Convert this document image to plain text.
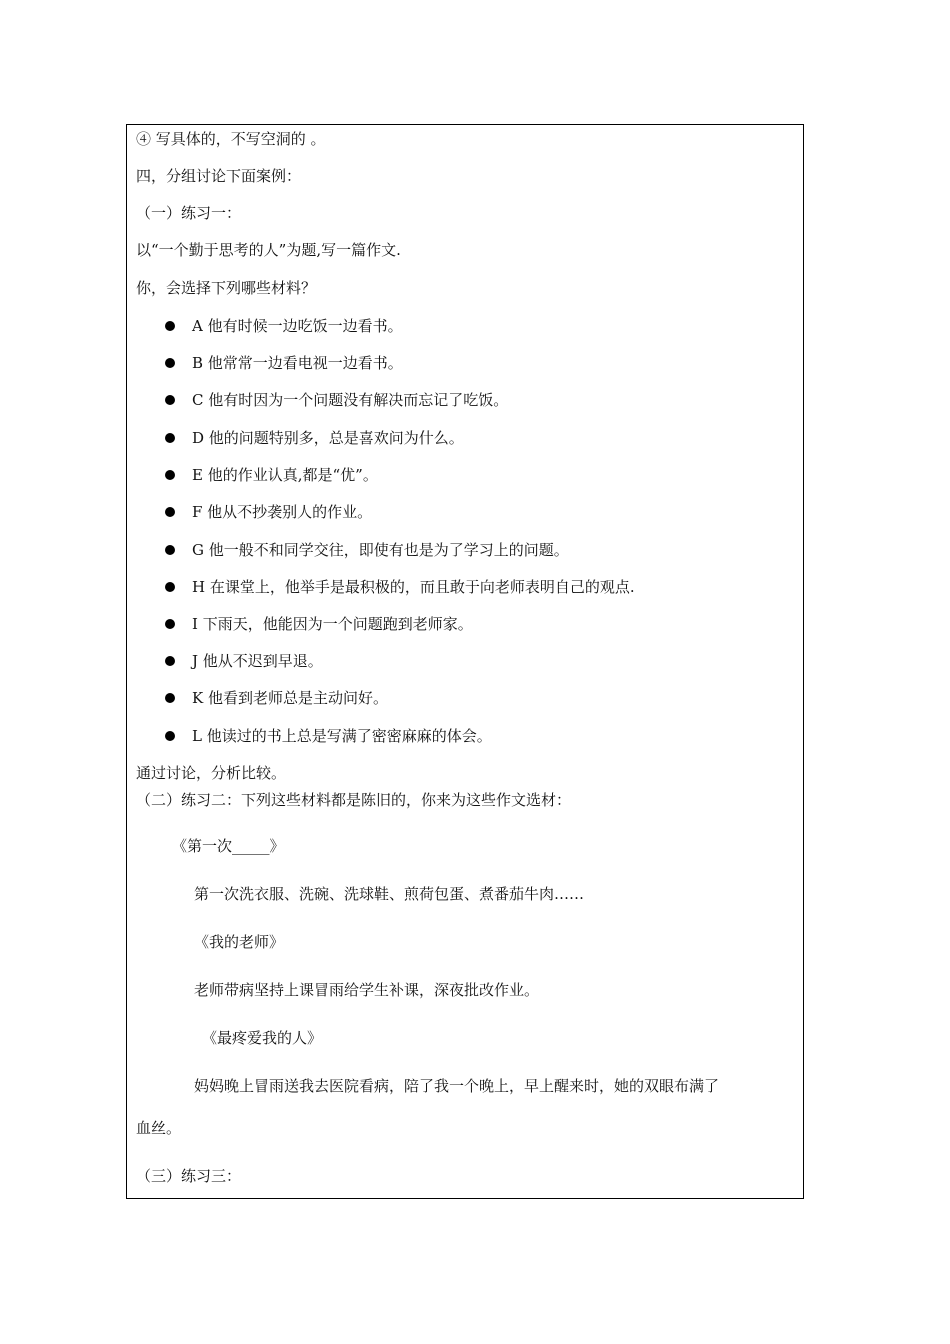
④ 写具体的，不写空洞的 。
四，分组讨论下面案例：
（一）练习一：
以“一个勤于思考的人”为题,写一篇作文.
你，会选择下列哪些材料？
A 他有时候一边吃饭一边看书。
B 他常常一边看电视一边看书。
C 他有时因为一个问题没有解决而忘记了吃饭。
D 他的问题特别多，总是喜欢问为什么。
E 他的作业认真,都是“优”。
F 他从不抄袭别人的作业。
G 他一般不和同学交往，即使有也是为了学习上的问题。
H 在课堂上，他举手是最积极的，而且敢于向老师表明自己的观点.
I 下雨天，他能因为一个问题跑到老师家。
J 他从不迟到早退。
K 他看到老师总是主动问好。
L 他读过的书上总是写满了密密麻麻的体会。
通过讨论，分析比较。
（二）练习二：下列这些材料都是陈旧的，你来为这些作文选材：
《第一次_____》
第一次洗衣服、洗碗、洗球鞋、煎荷包蛋、煮番茄牛肉……
《我的老师》
老师带病坚持上课冒雨给学生补课，深夜批改作业。
《最疼爱我的人》
妈妈晚上冒雨送我去医院看病，陪了我一个晚上，早上醒来时，她的双眼布满了
血丝。
（三）练习三：
